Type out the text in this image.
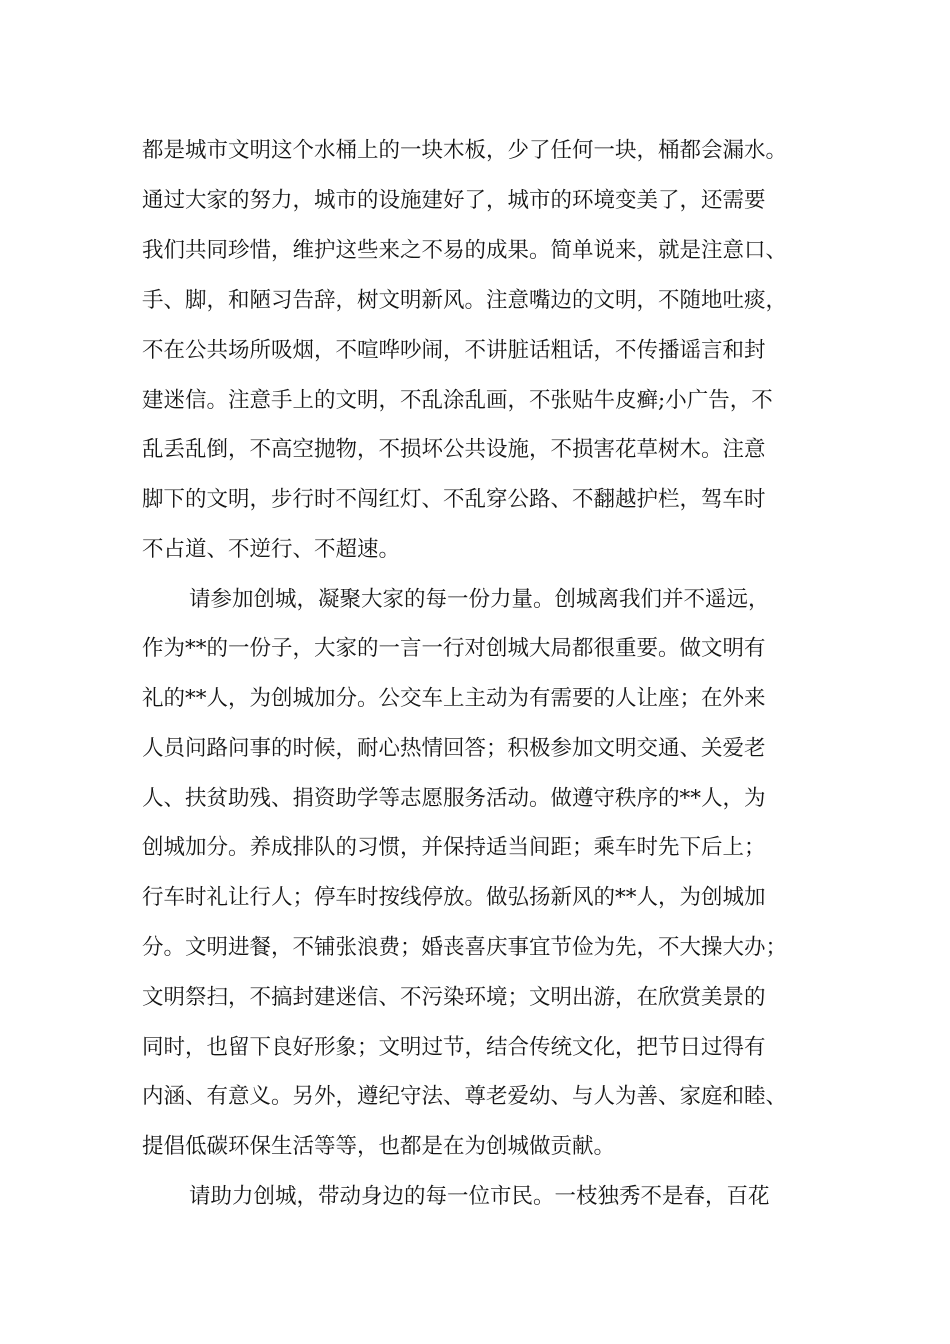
都是城市文明这个水桶上的一块木板，少了任何一块，桶都会漏水。
通过大家的努力，城市的设施建好了，城市的环境变美了，还需要
我们共同珍惜，维护这些来之不易的成果。简单说来，就是注意口、
手、脚，和陋习告辞，树文明新风。注意嘴边的文明，不随地吐痰，
不在公共场所吸烟，不喧哗吵闹，不讲脏话粗话，不传播谣言和封
建迷信。注意手上的文明，不乱涂乱画，不张贴牛皮癣;小广告，不
乱丢乱倒，不高空抛物，不损坏公共设施，不损害花草树木。注意
脚下的文明，步行时不闯红灯、不乱穿公路、不翻越护栏，驾车时
不占道、不逆行、不超速。
请参加创城，凝聚大家的每一份力量。创城离我们并不遥远，
作为**的一份子，大家的一言一行对创城大局都很重要。做文明有
礼的**人，为创城加分。公交车上主动为有需要的人让座；在外来
人员问路问事的时候，耐心热情回答；积极参加文明交通、关爱老
人、扶贫助残、捐资助学等志愿服务活动。做遵守秩序的**人，为
创城加分。养成排队的习惯，并保持适当间距；乘车时先下后上；
行车时礼让行人；停车时按线停放。做弘扬新风的**人，为创城加
分。文明进餐，不铺张浪费；婚丧喜庆事宜节俭为先，不大操大办；
文明祭扫，不搞封建迷信、不污染环境；文明出游，在欣赏美景的
同时，也留下良好形象；文明过节，结合传统文化，把节日过得有
内涵、有意义。另外，遵纪守法、尊老爱幼、与人为善、家庭和睦、
提倡低碳环保生活等等，也都是在为创城做贡献。
请助力创城，带动身边的每一位市民。一枝独秀不是春，百花
